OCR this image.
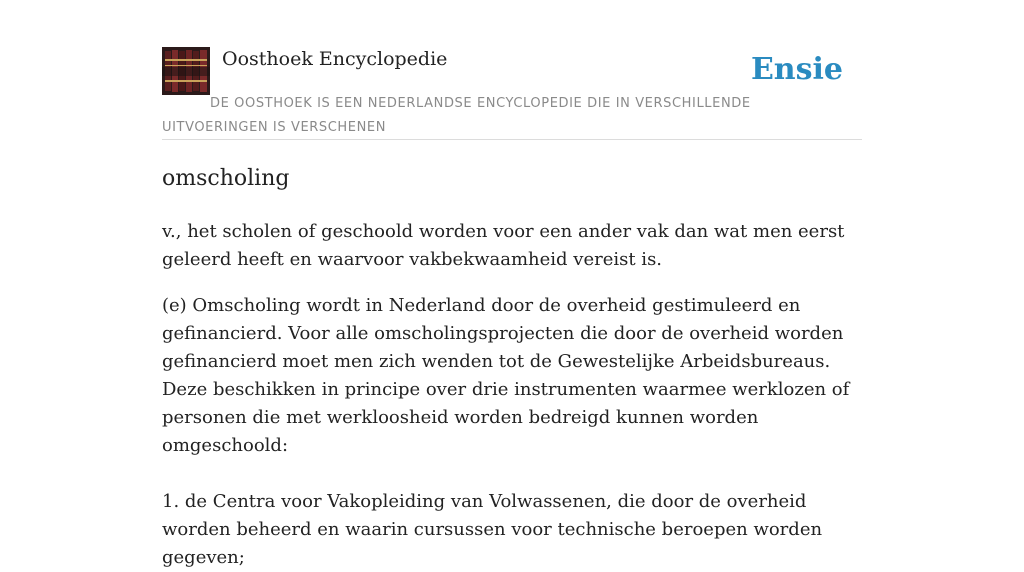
Oosthoek Encyclopedie	Ensie
DE OOSTHOEK IS EEN NEDERLANDSE ENCYCLOPEDIE DIE IN VERSCHILLENDE UITVOERINGEN IS VERSCHENEN
omscholing

v., het scholen of geschoold worden voor een ander vak dan wat men eerst geleerd heeft en waarvoor vakbekwaamheid vereist is.

(e) Omscholing wordt in Nederland door de overheid gestimuleerd en gefinancierd. Voor alle omscholingsprojecten die door de overheid worden gefinancierd moet men zich wenden tot de Gewestelijke Arbeidsbureaus. Deze beschikken in principe over drie instrumenten waarmee werklozen of personen die met werkloosheid worden bedreigd kunnen worden omgeschoold:

1. de Centra voor Vakopleiding van Volwassenen, die door de overheid worden beheerd en waarin cursussen voor technische beroepen worden gegeven;
